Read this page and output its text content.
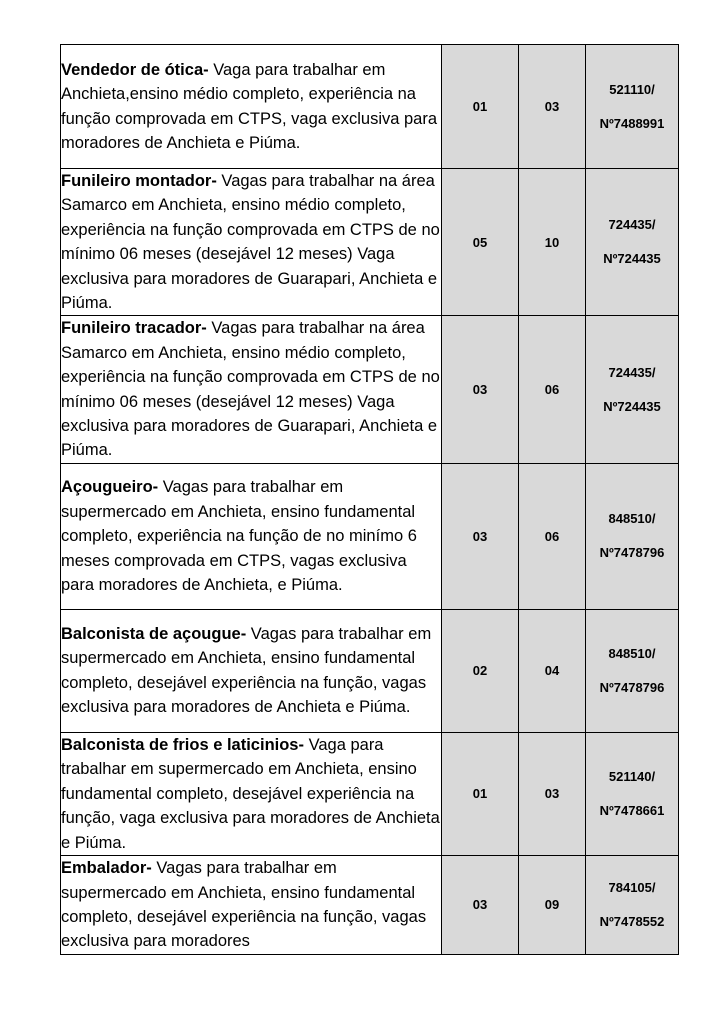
Vendedor de ótica- Vaga para trabalhar em Anchieta,ensino médio completo, experiência na função comprovada em CTPS, vaga exclusiva para moradores de Anchieta e Piúma.	01	03	521110/
Nº7488991

Funileiro montador- Vagas para trabalhar na área Samarco em Anchieta, ensino médio completo, experiência na função comprovada em CTPS de no mínimo 06 meses (desejável 12 meses) Vaga exclusiva para moradores de Guarapari, Anchieta e Piúma.	05	10	724435/
Nº724435

Funileiro tracador- Vagas para trabalhar na área Samarco em Anchieta, ensino médio completo, experiência na função comprovada em CTPS de no mínimo 06 meses (desejável 12 meses) Vaga exclusiva para moradores de Guarapari, Anchieta e Piúma.	03	06	724435/
Nº724435

Açougueiro- Vagas para trabalhar em supermercado em Anchieta, ensino fundamental completo, experiência na função de no minímo 6 meses comprovada em CTPS, vagas exclusiva para moradores de Anchieta, e Piúma.	03	06	848510/
Nº7478796

Balconista de açougue- Vagas para trabalhar em supermercado em Anchieta, ensino fundamental completo, desejável experiência na função, vagas exclusiva para moradores de Anchieta e Piúma.	02	04	848510/
Nº7478796

Balconista de frios e laticinios- Vaga para trabalhar em supermercado em Anchieta, ensino fundamental completo, desejável experiência na função, vaga exclusiva para moradores de Anchieta e Piúma.	01	03	521140/
Nº7478661

Embalador- Vagas para trabalhar em supermercado em Anchieta, ensino fundamental completo, desejável experiência na função, vagas exclusiva para moradores	03	09	784105/
Nº7478552
